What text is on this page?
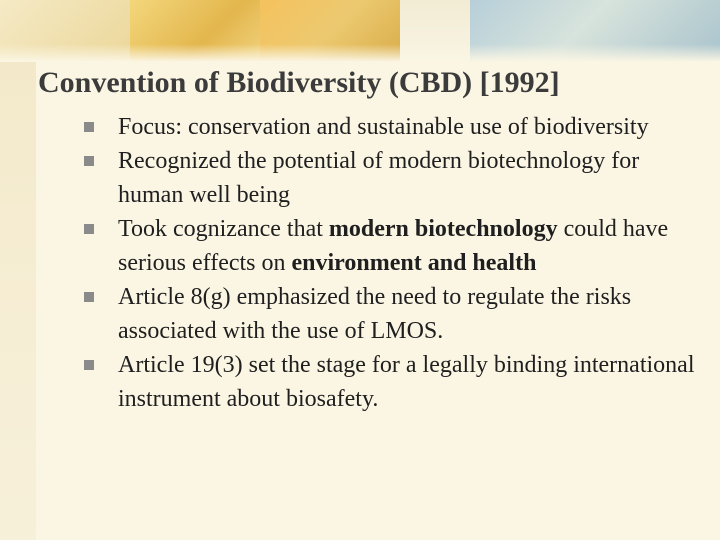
Convention of Biodiversity (CBD) [1992]
Focus: conservation and sustainable use of biodiversity
Recognized the potential of modern biotechnology for human well being
Took cognizance that modern biotechnology could have serious effects on environment and health
Article 8(g) emphasized the need to regulate the risks associated with the use of LMOS.
Article 19(3) set the stage for a legally binding international instrument about biosafety.
